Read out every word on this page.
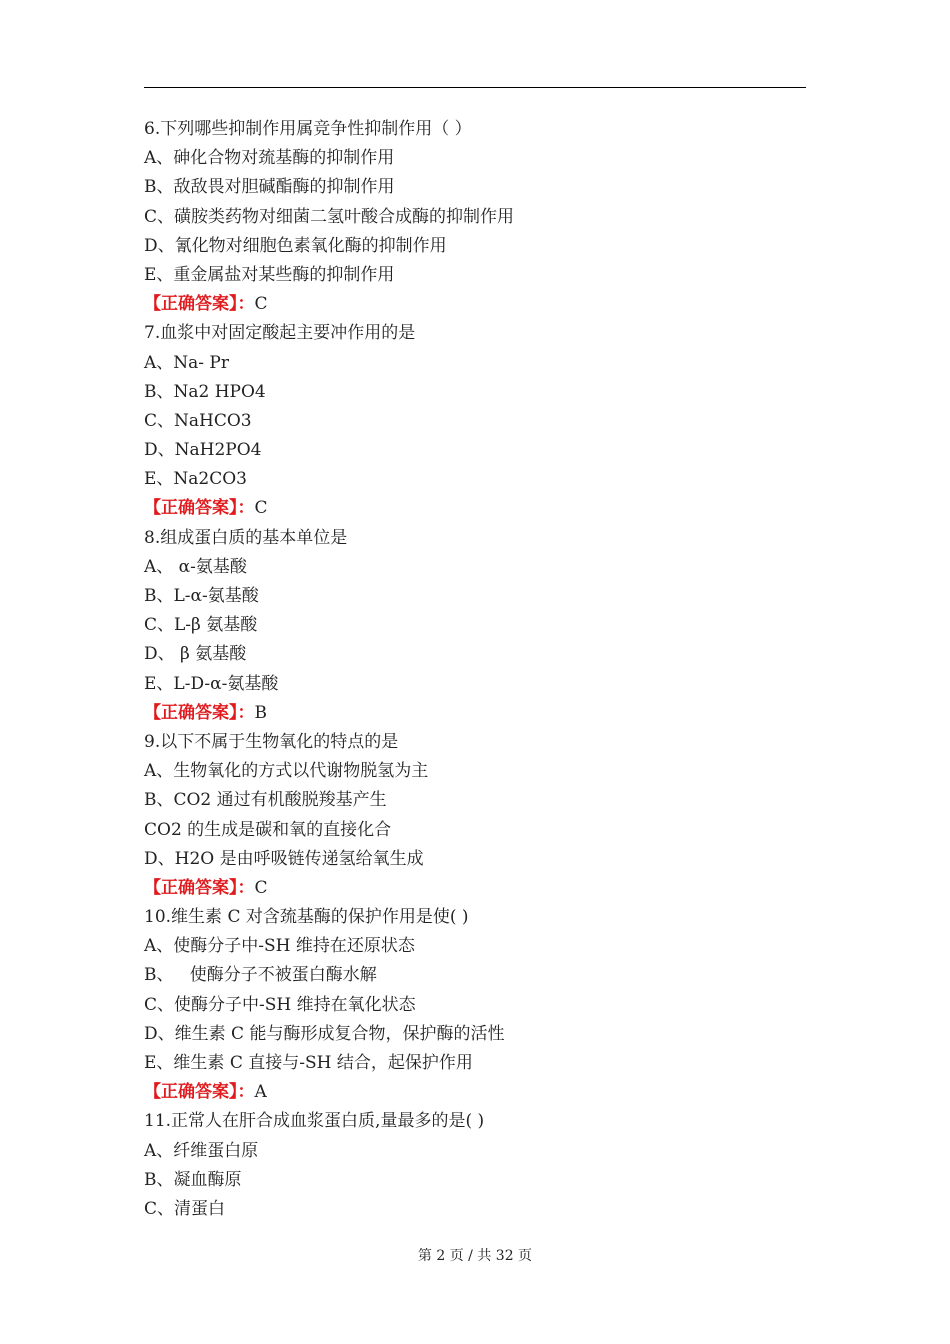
6.下列哪些抑制作用属竞争性抑制作用（ ）
A、砷化合物对巯基酶的抑制作用
B、敌敌畏对胆碱酯酶的抑制作用
C、磺胺类药物对细菌二氢叶酸合成酶的抑制作用
D、氰化物对细胞色素氧化酶的抑制作用
E、重金属盐对某些酶的抑制作用
【正确答案】：C
7.血浆中对固定酸起主要冲作用的是
A、Na- Pr
B、Na2 HPO4
C、NaHCO3
D、NaH2PO4
E、Na2CO3
【正确答案】：C
8.组成蛋白质的基本单位是
A、 α-氨基酸
B、L-α-氨基酸
C、L-β 氨基酸
D、 β 氨基酸
E、L-D-α-氨基酸
【正确答案】：B
9.以下不属于生物氧化的特点的是
A、生物氧化的方式以代谢物脱氢为主
B、CO2 通过有机酸脱羧基产生
CO2 的生成是碳和氧的直接化合
D、H2O 是由呼吸链传递氢给氧生成
【正确答案】：C
10.维生素 C 对含巯基酶的保护作用是使( )
A、使酶分子中-SH 维持在还原状态
B、   使酶分子不被蛋白酶水解
C、使酶分子中-SH 维持在氧化状态
D、维生素 C 能与酶形成复合物，保护酶的活性
E、维生素 C 直接与-SH 结合，起保护作用
【正确答案】：A
11.正常人在肝合成血浆蛋白质,量最多的是( )
A、纤维蛋白原
B、凝血酶原
C、清蛋白
第 2 页 / 共 32 页
